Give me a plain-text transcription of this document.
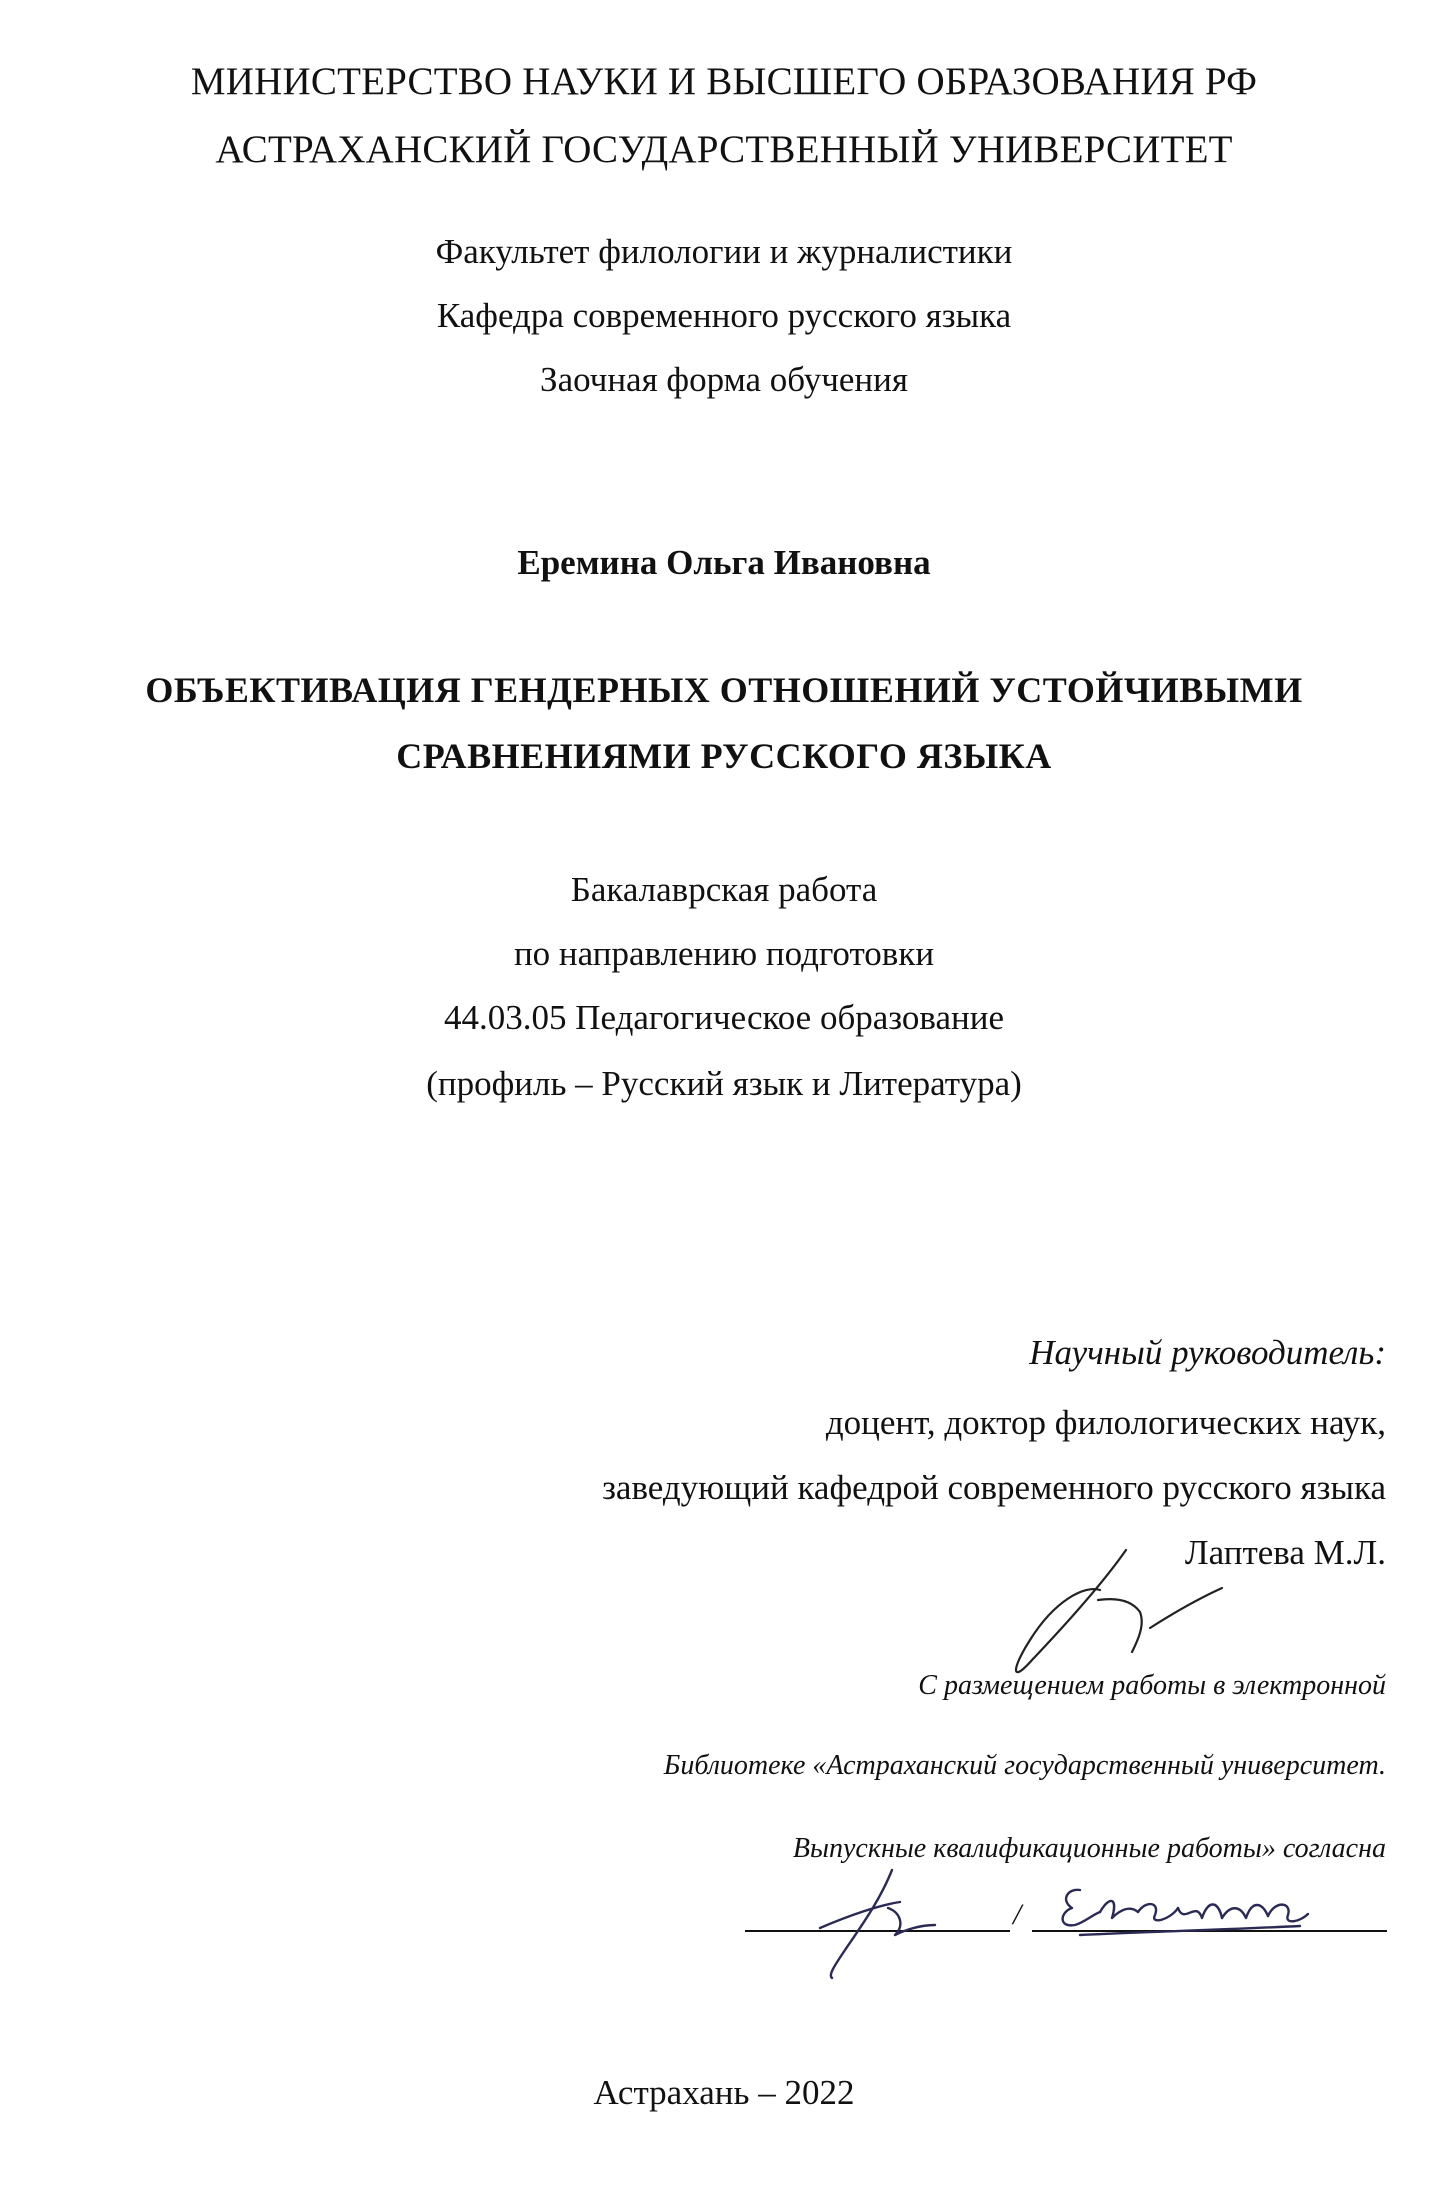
МИНИСТЕРСТВО НАУКИ И ВЫСШЕГО ОБРАЗОВАНИЯ РФ
АСТРАХАНСКИЙ ГОСУДАРСТВЕННЫЙ УНИВЕРСИТЕТ
Факультет филологии и журналистики
Кафедра современного русского языка
Заочная форма обучения
Еремина Ольга Ивановна
ОБЪЕКТИВАЦИЯ ГЕНДЕРНЫХ ОТНОШЕНИЙ УСТОЙЧИВЫМИ
СРАВНЕНИЯМИ РУССКОГО ЯЗЫКА
Бакалаврская работа
по направлению подготовки
44.03.05 Педагогическое образование
(профиль – Русский язык и Литература)
Научный руководитель:
доцент, доктор филологических наук,
заведующий кафедрой современного русского языка
Лаптева М.Л.
С размещением работы в электронной
Библиотеке «Астраханский государственный университет.
Выпускные квалификационные работы» согласна
/
Астрахань – 2022
